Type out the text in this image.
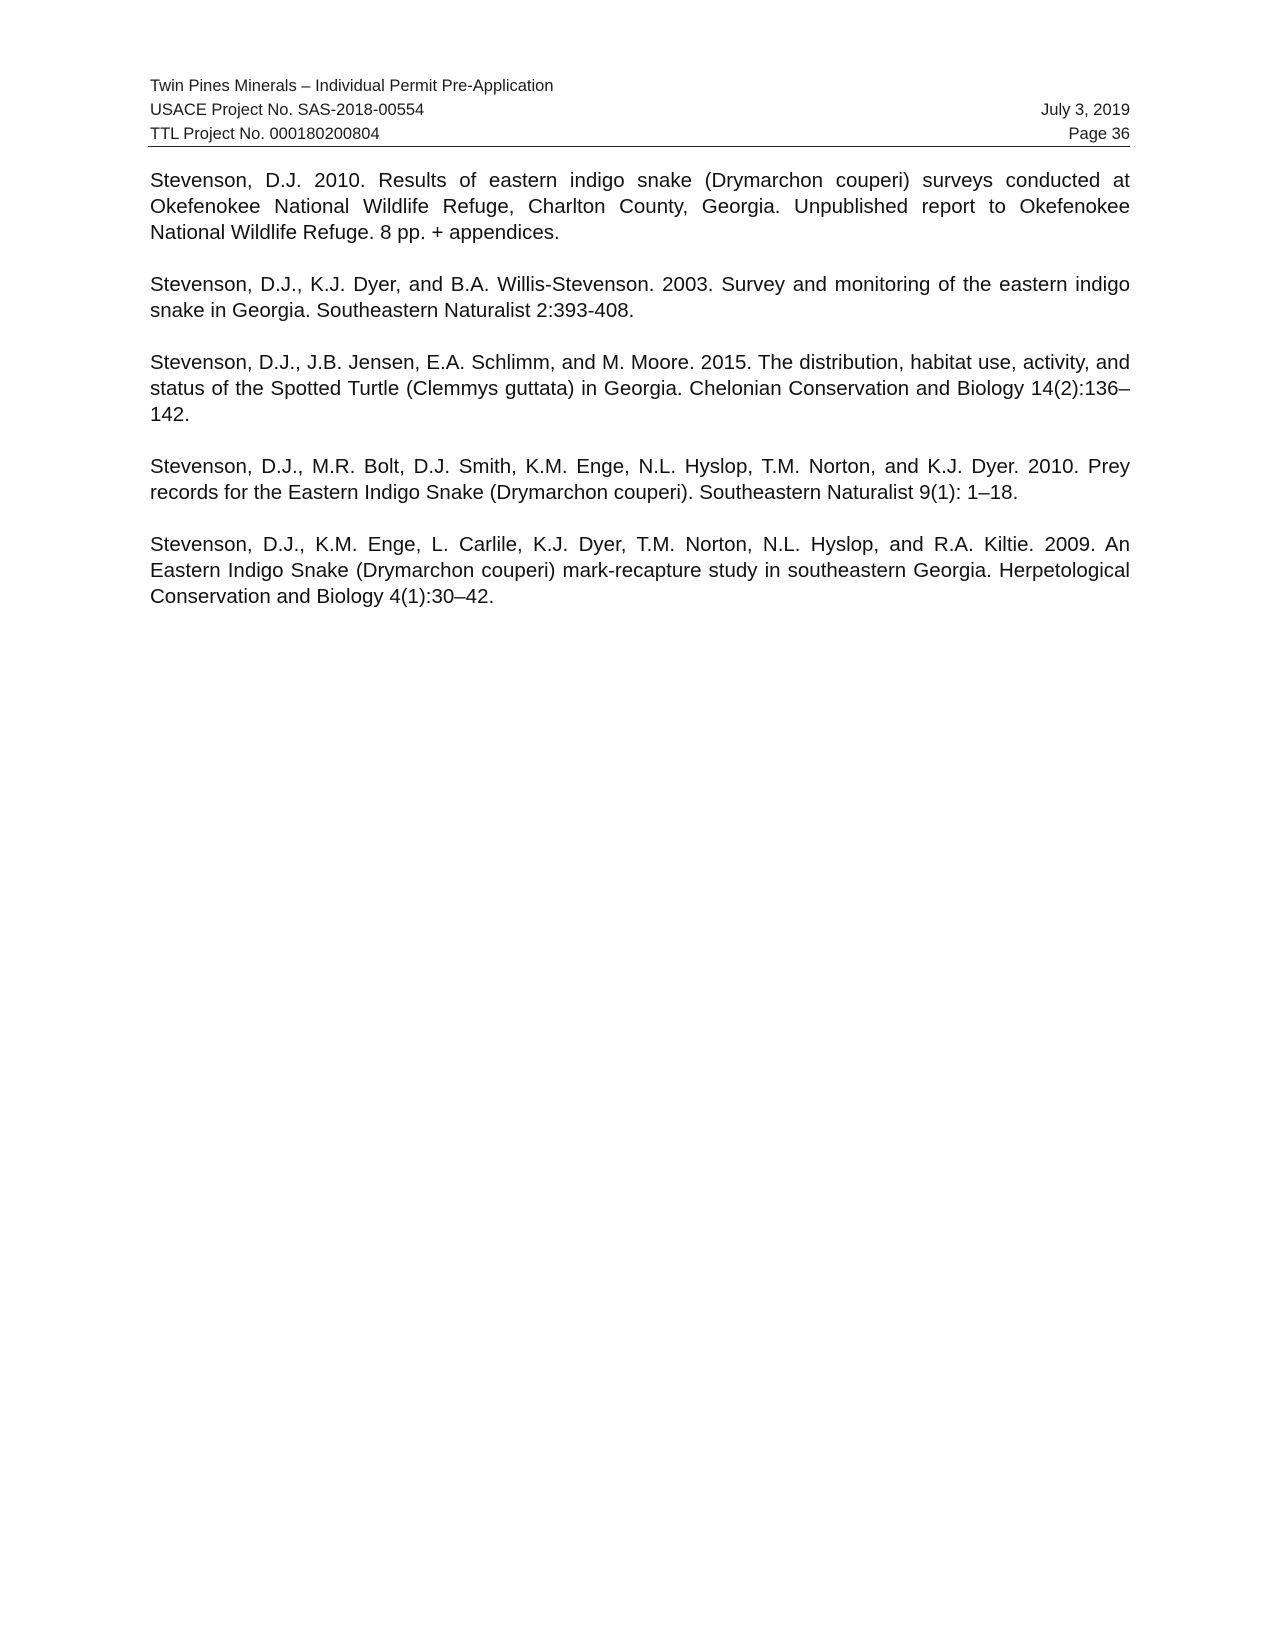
Twin Pines Minerals – Individual Permit Pre-Application
USACE Project No. SAS-2018-00554	July 3, 2019
TTL Project No. 000180200804	Page 36

Stevenson, D.J. 2010. Results of eastern indigo snake (Drymarchon couperi) surveys conducted at Okefenokee National Wildlife Refuge, Charlton County, Georgia. Unpublished report to Okefenokee National Wildlife Refuge. 8 pp. + appendices.

Stevenson, D.J., K.J. Dyer, and B.A. Willis-Stevenson. 2003. Survey and monitoring of the eastern indigo snake in Georgia. Southeastern Naturalist 2:393-408.

Stevenson, D.J., J.B. Jensen, E.A. Schlimm, and M. Moore. 2015. The distribution, habitat use, activity, and status of the Spotted Turtle (Clemmys guttata) in Georgia. Chelonian Conservation and Biology 14(2):136–142.

Stevenson, D.J., M.R. Bolt, D.J. Smith, K.M. Enge, N.L. Hyslop, T.M. Norton, and K.J. Dyer. 2010. Prey records for the Eastern Indigo Snake (Drymarchon couperi). Southeastern Naturalist 9(1): 1–18.

Stevenson, D.J., K.M. Enge, L. Carlile, K.J. Dyer, T.M. Norton, N.L. Hyslop, and R.A. Kiltie. 2009. An Eastern Indigo Snake (Drymarchon couperi) mark-recapture study in southeastern Georgia. Herpetological Conservation and Biology 4(1):30–42.
